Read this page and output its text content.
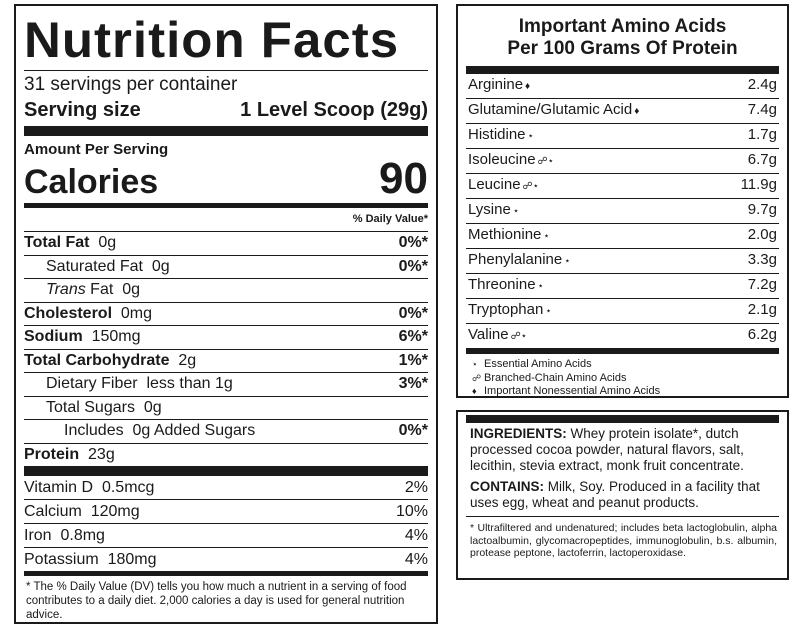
Nutrition Facts
31 servings per container
Serving size	1 Level Scoop (29g)
Amount Per Serving
Calories	90
% Daily Value*
Total Fat 0g	0%*
Saturated Fat 0g	0%*
Trans Fat 0g
Cholesterol 0mg	0%*
Sodium 150mg	6%*
Total Carbohydrate 2g	1%*
Dietary Fiber less than 1g	3%*
Total Sugars 0g
Includes 0g Added Sugars	0%*
Protein 23g
Vitamin D 0.5mcg	2%
Calcium 120mg	10%
Iron 0.8mg	4%
Potassium 180mg	4%
* The % Daily Value (DV) tells you how much a nutrient in a serving of food contributes to a daily diet. 2,000 calories a day is used for general nutrition advice.
Important Amino Acids
Per 100 Grams Of Protein
Arginine ♦	2.4g
Glutamine/Glutamic Acid ♦	7.4g
Histidine ⋆	1.7g
Isoleucine ☍⋆	6.7g
Leucine ☍⋆	11.9g
Lysine ⋆	9.7g
Methionine ⋆	2.0g
Phenylalanine ⋆	3.3g
Threonine ⋆	7.2g
Tryptophan ⋆	2.1g
Valine ☍⋆	6.2g
⋆ Essential Amino Acids
☍ Branched-Chain Amino Acids
♦ Important Nonessential Amino Acids
INGREDIENTS: Whey protein isolate*, dutch processed cocoa powder, natural flavors, salt, lecithin, stevia extract, monk fruit concentrate.
CONTAINS: Milk, Soy. Produced in a facility that uses egg, wheat and peanut products.
* Ultrafiltered and undenatured; includes beta lactoglobulin, alpha lactoalbumin, glycomacropeptides, immunoglobulin, b.s. albumin, protease peptone, lactoferrin, lactoperoxidase.
